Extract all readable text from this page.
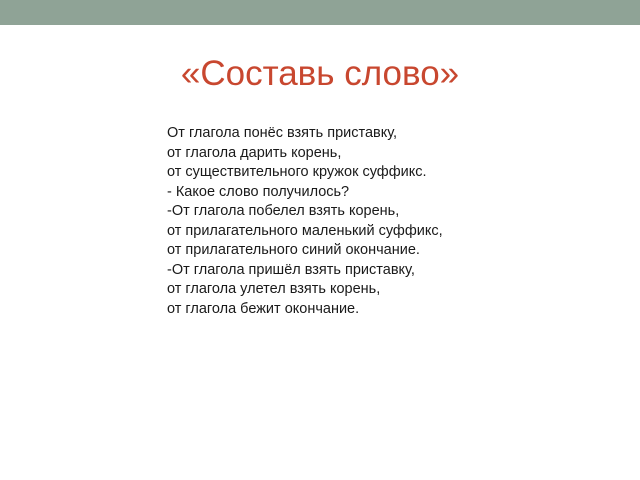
«Составь слово»
От глагола понёс взять приставку,
от глагола дарить корень,
от существительного кружок суффикс.
- Какое слово получилось?
-От глагола побелел взять корень,
от прилагательного маленький суффикс,
от прилагательного синий окончание.
-От глагола пришёл взять приставку,
от глагола улетел взять корень,
от глагола бежит окончание.
